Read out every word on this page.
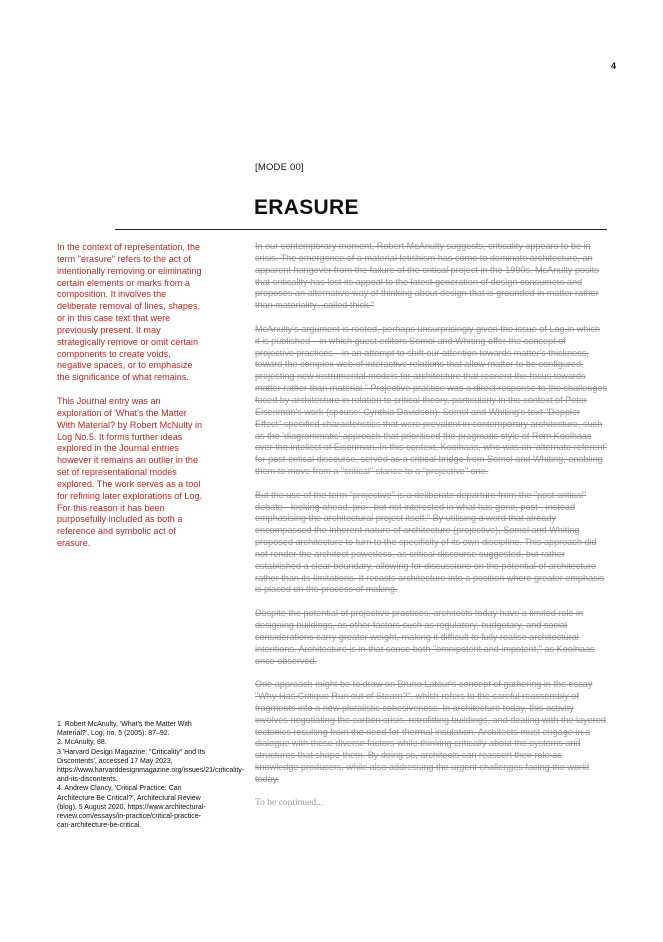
4
[MODE 00]
ERASURE

In the context of representation, the term "erasure" refers to the act of intentionally removing or eliminating certain elements or marks from a composition. It involves the deliberate removal of lines, shapes, or in this case text that were previously present. It may strategically remove or omit certain components to create voids, negative spaces, or to emphasize the significance of what remains.

This Journal entry was an exploration of 'What's the Matter With Material? by Robert McNulty in Log No.5. It forms further ideas explored in the Journal entries however it remains an outlier in the set of representational modes explored. The work serves as a tool for refining later explorations of Log. For this reason it has been purposefully included as both a reference and symbolic act of erasure.

1. Robert McAnulty, 'What's the Matter With Material?', Log, no. 5 (2005): 87–92.

2. McAnulty, 88.

3.'Harvard Design Magazine: "Criticality" and Its Discontents', accessed 17 May 2023, https://www.harvarddesignmagazine.org/issues/21/criticality-and-its-discontents.

4. Andrew Clancy, 'Critical Practice: Can Architecture Be Critical?', Architectural Review (blog), 5 August 2020, https://www.architectural-review.com/essays/in-practice/critical-practice-can-architecture-be-critical.

In our contemporary moment, Robert McAnulty suggests, criticality appears to be in crisis. The emergence of a material fetishism has come to dominate architecture, an apparent hangover from the failure of the critical project in the 1990s. McAnulty posits that criticality has lost its appeal to the latest generation of design consumers and proposes an alternative way of thinking about design that is grounded in matter rather than materiality...called thick."

McAnulty's argument is rooted, perhaps unsurprisingly given the issue of Log in which it is published—in which guest editors Somol and Whiting offer the concept of projective practices—in an attempt to shift our attention towards matter's thickness, toward the complex web of interactive relations that allow matter to be configured, projecting new instrumental models for architecture that reorient the focus towards matter rather than material." Projective practice was a direct response to the challenges faced by architecture in relation to critical theory, particularly in the context of Peter Eisenman's work (spouse: Cynthia Davidson). Somol and Whiting's text "Doppler Effect" specified characteristics that were prevalent in contemporary architecture, such as the 'diagrammatic' approach that prioritised the pragmatic style of Rem Koolhaas over the intellect of Eisenman. In this context, Koolhaas, who was an 'alternate referent' for post-critical discourse, served as a critical bridge from Somol and Whiting, enabling them to move from a "critical" stance to a "projective" one.

But the use of the term "projective" is a deliberate departure from the "post-critical" debate - looking ahead, pro-, but not interested in what has gone, post-, instead emphasising the architectural project itself." By utilising a word that already encompassed the inherent nature of architecture (projective), Somol and Whiting proposed architecture to turn to the specificity of its own discipline. This approach did not render the architect powerless, as critical discourse suggested, but rather established a clear boundary, allowing for discussions on the potential of architecture rather than its limitations. It recasts architecture into a position where greater emphasis is placed on the process of making.

Despite the potential of projective practices, architects today have a limited role in designing buildings, as other factors such as regulatory, budgetary, and social considerations carry greater weight, making it difficult to fully realise architectural intentions. Architecture is in that sense both "omnipotent and impotent," as Koolhaas once observed.

One approach might be to draw on Bruno Latour's concept of gathering in the essay "Why Has Critique Run out of Steam?", which refers to the careful reassembly of fragments into a new pluralistic cohesiveness. In architecture today, this activity involves negotiating the carbon crisis, retrofitting buildings, and dealing with the layered tectonics resulting from the need for thermal insulation. Architects must engage in a dialogue with these diverse factors while thinking critically about the systems and structures that shape them. By doing so, architects can reassert their role as knowledge producers, while also addressing the urgent challenges facing the world today.

To be continued...
